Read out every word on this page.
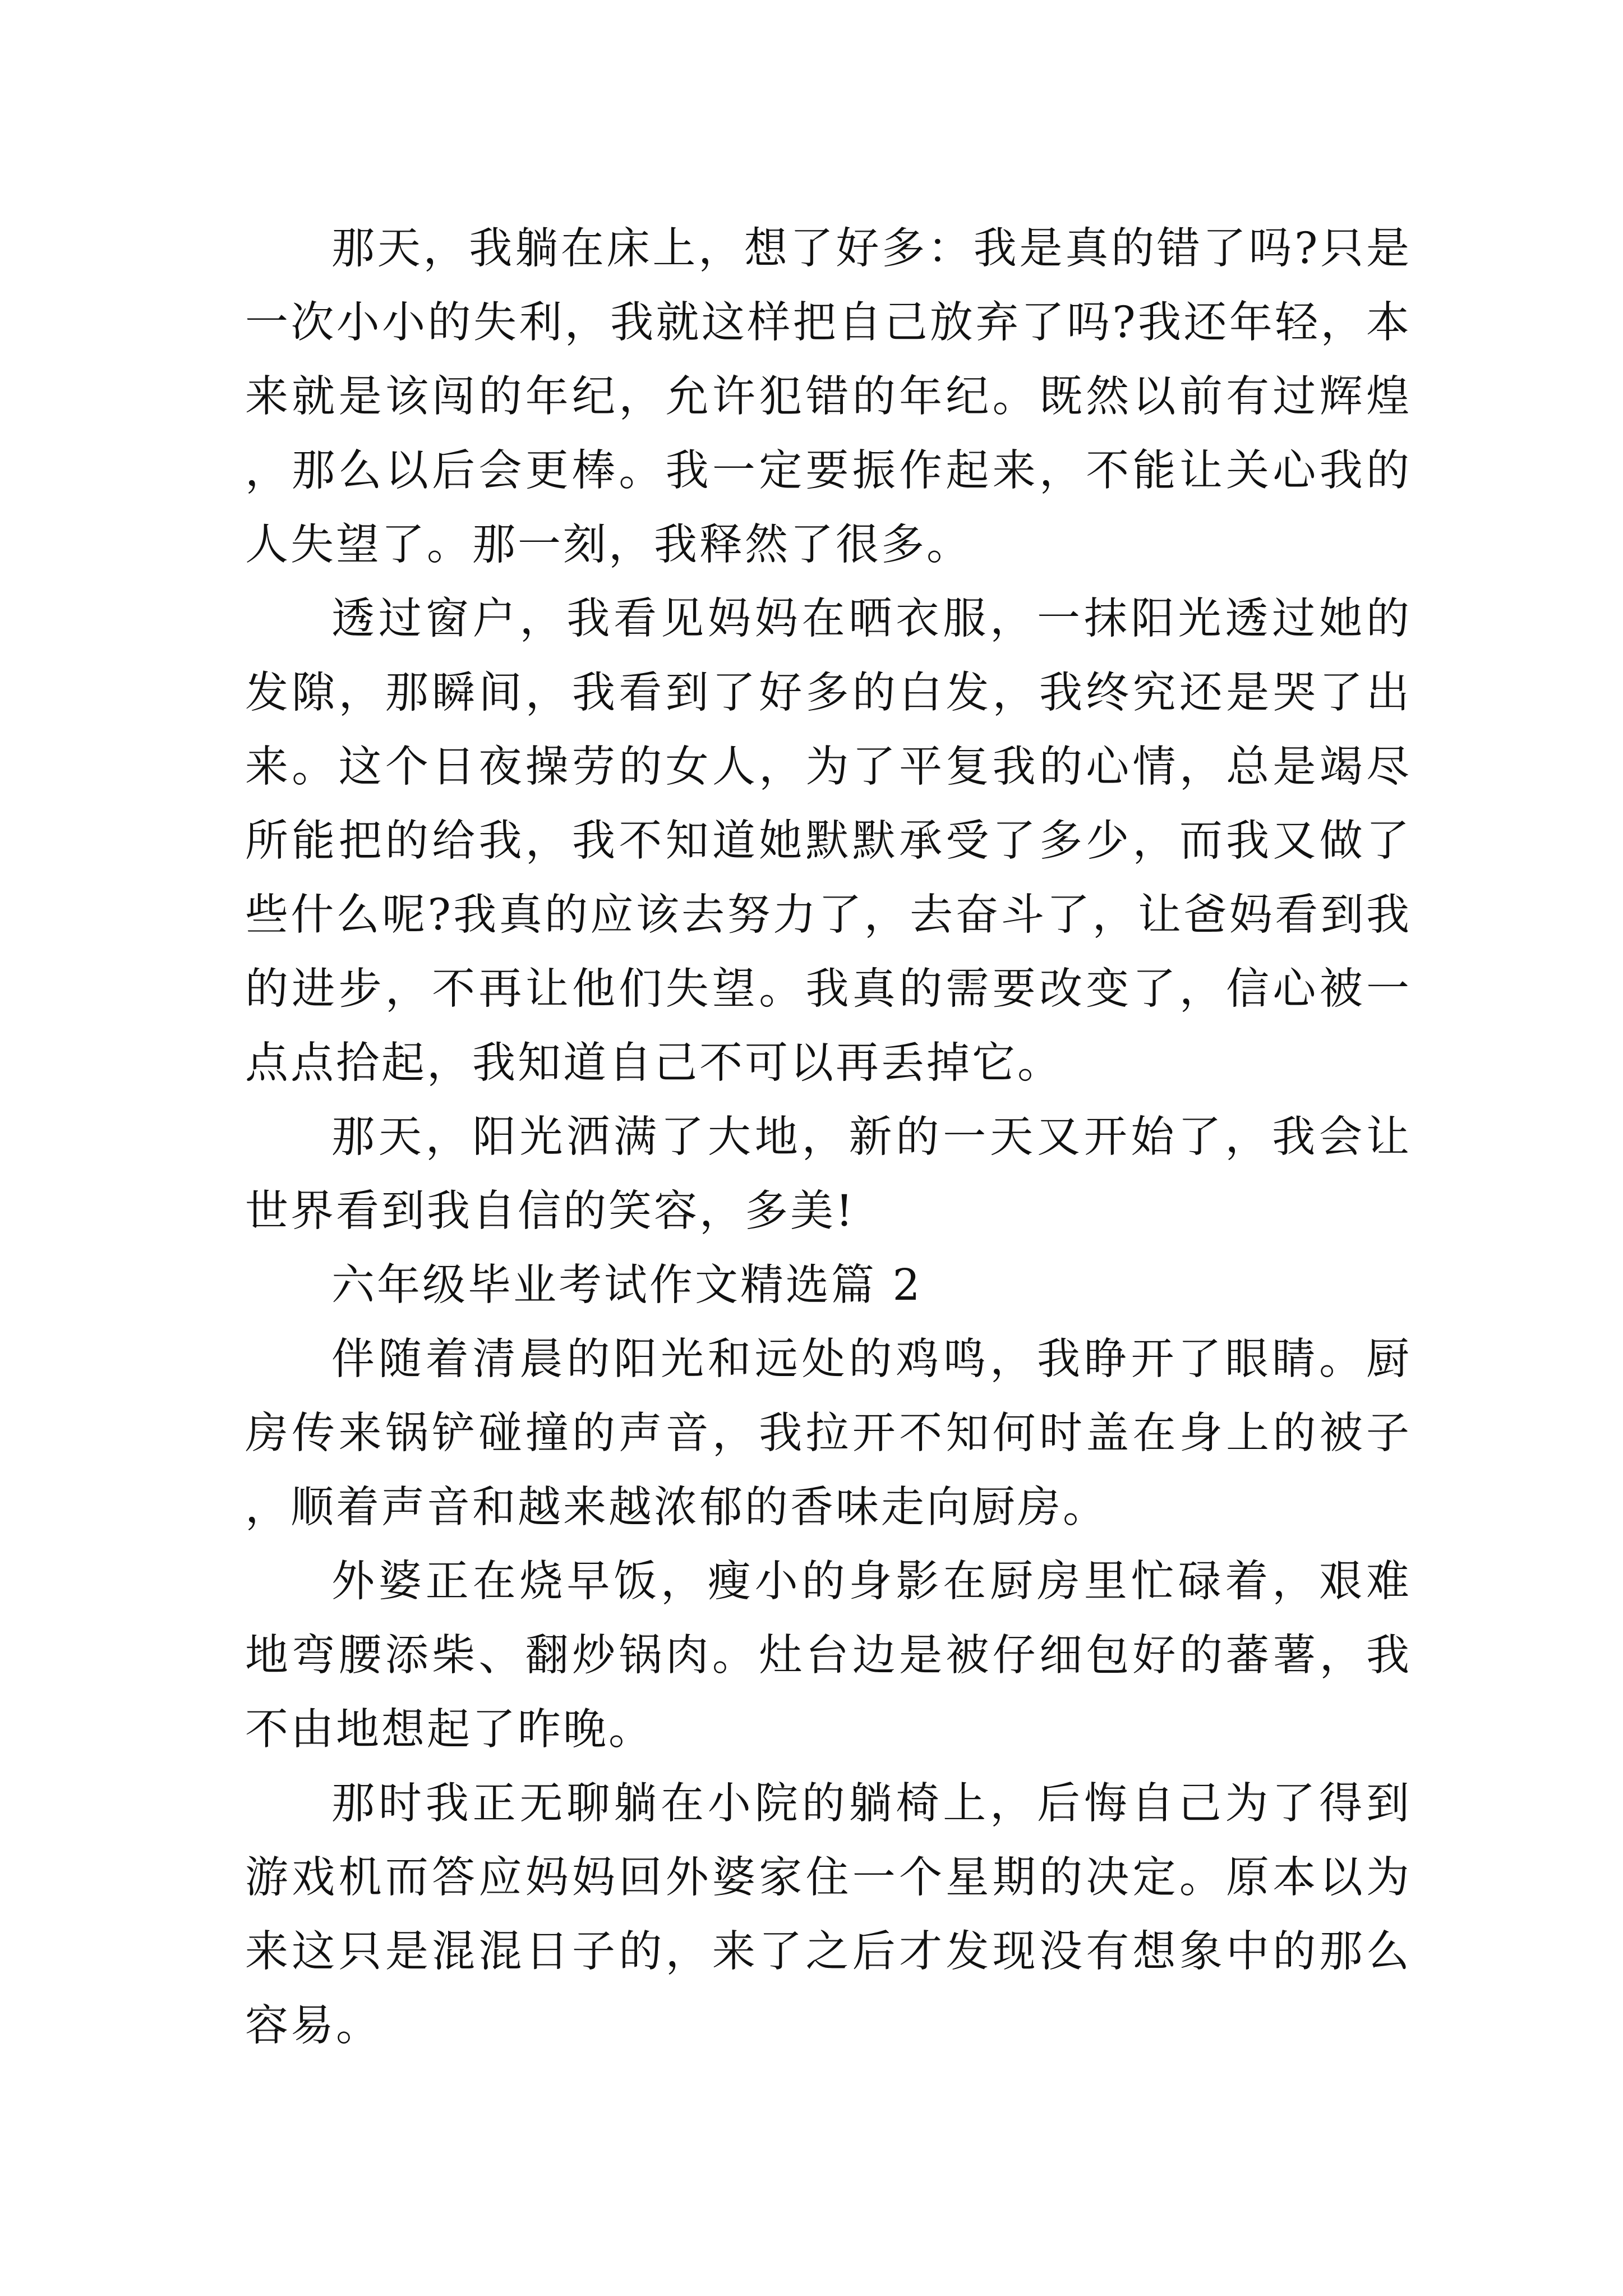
那天，我躺在床上，想了好多：我是真的错了吗?只是一次小小的失利，我就这样把自己放弃了吗?我还年轻，本来就是该闯的年纪，允许犯错的年纪。既然以前有过辉煌，那么以后会更棒。我一定要振作起来，不能让关心我的人失望了。那一刻，我释然了很多。

透过窗户，我看见妈妈在晒衣服，一抹阳光透过她的发隙，那瞬间，我看到了好多的白发，我终究还是哭了出来。这个日夜操劳的女人，为了平复我的心情，总是竭尽所能把的给我，我不知道她默默承受了多少，而我又做了些什么呢?我真的应该去努力了，去奋斗了，让爸妈看到我的进步，不再让他们失望。我真的需要改变了，信心被一点点拾起，我知道自己不可以再丢掉它。

那天，阳光洒满了大地，新的一天又开始了，我会让世界看到我自信的笑容，多美!

六年级毕业考试作文精选篇 2

伴随着清晨的阳光和远处的鸡鸣，我睁开了眼睛。厨房传来锅铲碰撞的声音，我拉开不知何时盖在身上的被子，顺着声音和越来越浓郁的香味走向厨房。

外婆正在烧早饭，瘦小的身影在厨房里忙碌着，艰难地弯腰添柴、翻炒锅肉。灶台边是被仔细包好的蕃薯，我不由地想起了昨晚。

那时我正无聊躺在小院的躺椅上，后悔自己为了得到游戏机而答应妈妈回外婆家住一个星期的决定。原本以为来这只是混混日子的，来了之后才发现没有想象中的那么容易。
